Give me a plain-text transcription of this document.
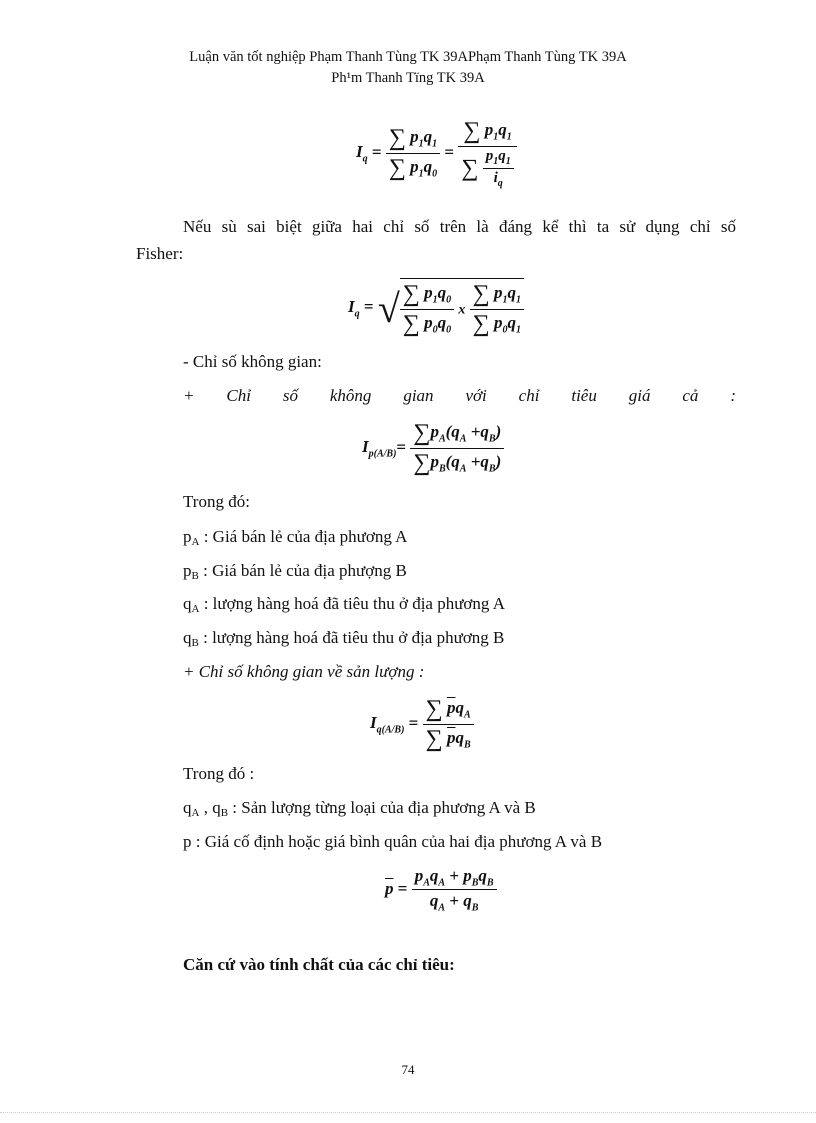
Luận văn tốt nghiệp Phạm Thanh Tùng TK 39APhạm Thanh Tùng TK 39A
Ph¹m Thanh Tïng TK 39A
$I_q = \frac{\sum p_1q_1}{\sum p_1q_0} = \frac{\sum p_1q_1}{\sum \frac{p_1q_1}{i_q}}$
Nếu sù sai biệt giữa hai chỉ số trên là đáng kể thì ta sử dụng chỉ số
Fisher:
$I_q$ = √ $\frac{\sum p_1q_0}{\sum p_0q_0}$ x $\frac{\sum p_1q_1}{\sum p_0q_1}$
- Chỉ số không gian:
+ Chỉ số không gian với chỉ tiêu giá cả :
$I_{p(A/B)}= \frac{\sum p_A(q_A +q_B)}{\sum p_B(q_A +q_B)}$
Trong đó:
$p_A$ : Giá bán lẻ của địa phương A
$p_B$ : Giá bán lẻ của địa phượng B
$q_A$ : lượng hàng hoá đã tiêu thu ở địa phương A
$q_B$ : lượng hàng hoá đã tiêu thu ở địa phương B
+ Chỉ số không gian về sản lượng :
$I_{q(A/B)} = \frac{\sum \overline{p}q_A}{\sum \overline{p}q_B}$
Trong đó :
$q_A$ , $q_B$ : Sản lượng từng loại của địa phương A và B
p : Giá cố định hoặc giá bình quân của hai địa phương A và B
$\overline{p} = \frac{p_Aq_A + p_Bq_B}{q_A + q_B}$
Căn cứ vào tính chất của các chỉ tiêu:
74
